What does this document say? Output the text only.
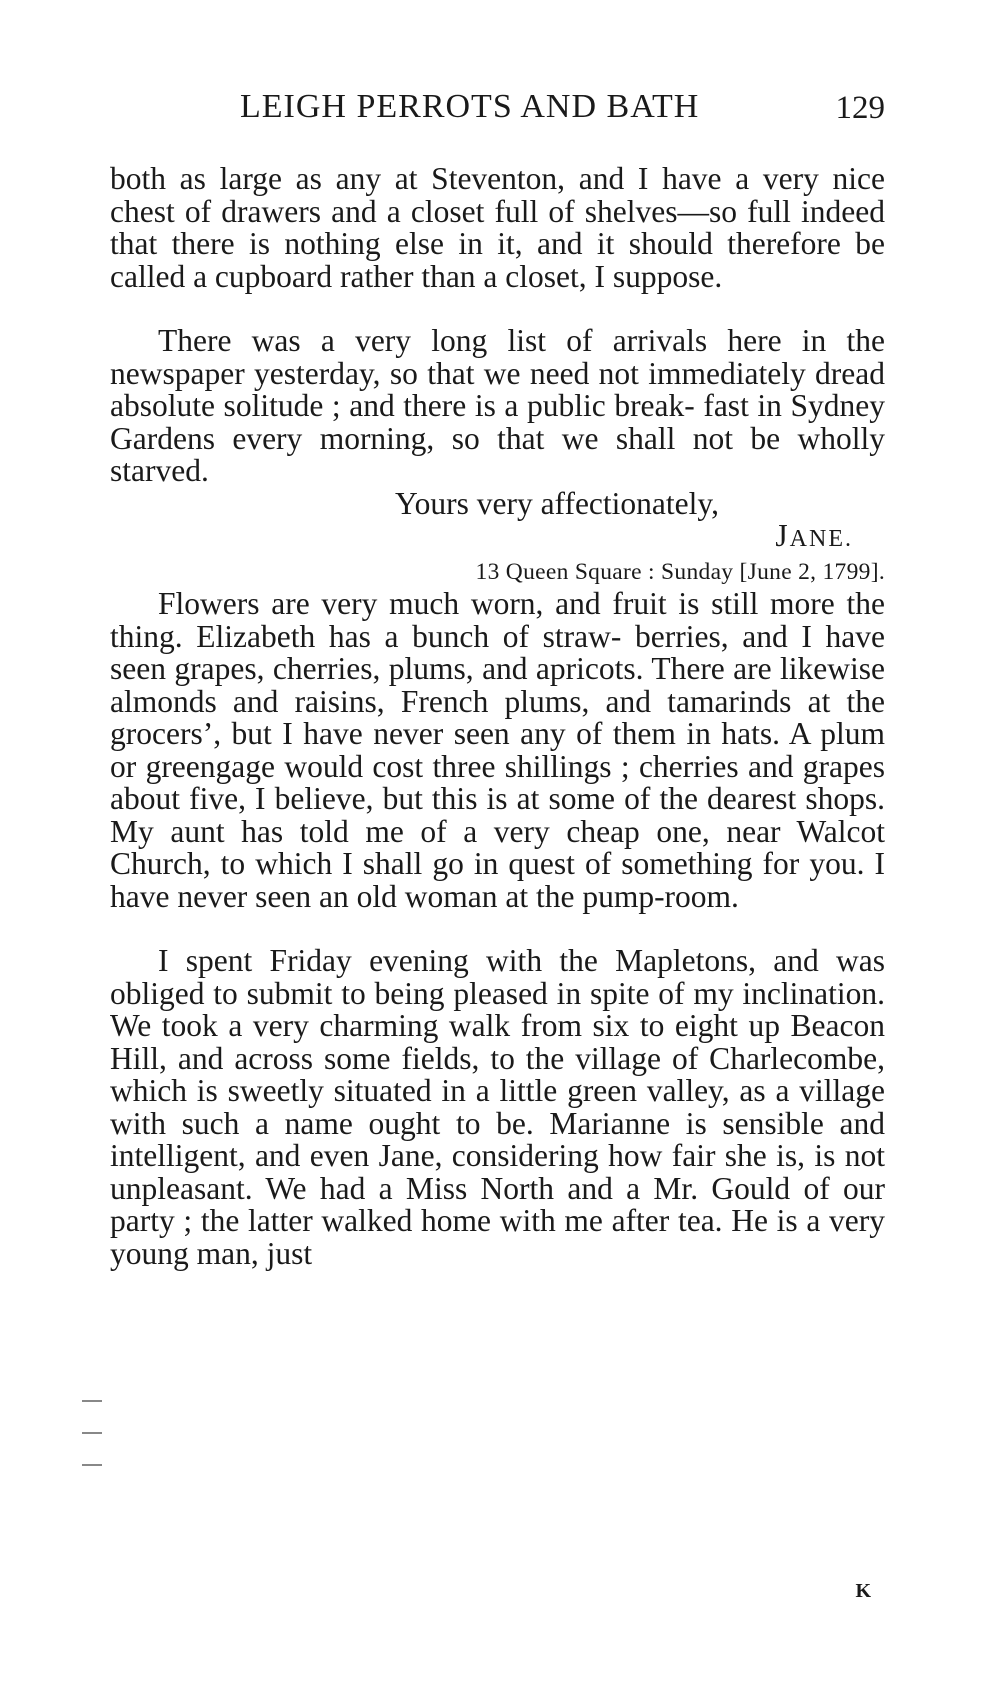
LEIGH PERROTS AND BATH	129

both as large as any at Steventon, and I have a very nice chest of drawers and a closet full of shelves—so full indeed that there is nothing else in it, and it should therefore be called a cupboard rather than a closet, I suppose.

There was a very long list of arrivals here in the newspaper yesterday, so that we need not immediately dread absolute solitude ; and there is a public break- fast in Sydney Gardens every morning, so that we shall not be wholly starved.

Yours very affectionately,

JANE.

13 Queen Square : Sunday [June 2, 1799].

Flowers are very much worn, and fruit is still more the thing. Elizabeth has a bunch of straw- berries, and I have seen grapes, cherries, plums, and apricots. There are likewise almonds and raisins, French plums, and tamarinds at the grocers’, but I have never seen any of them in hats. A plum or greengage would cost three shillings ; cherries and grapes about five, I believe, but this is at some of the dearest shops. My aunt has told me of a very cheap one, near Walcot Church, to which I shall go in quest of something for you. I have never seen an old woman at the pump-room.

I spent Friday evening with the Mapletons, and was obliged to submit to being pleased in spite of my inclination. We took a very charming walk from six to eight up Beacon Hill, and across some fields, to the village of Charlecombe, which is sweetly situated in a little green valley, as a village with such a name ought to be. Marianne is sensible and intelligent, and even Jane, considering how fair she is, is not unpleasant. We had a Miss North and a Mr. Gould of our party ; the latter walked home with me after tea. He is a very young man, just

K
